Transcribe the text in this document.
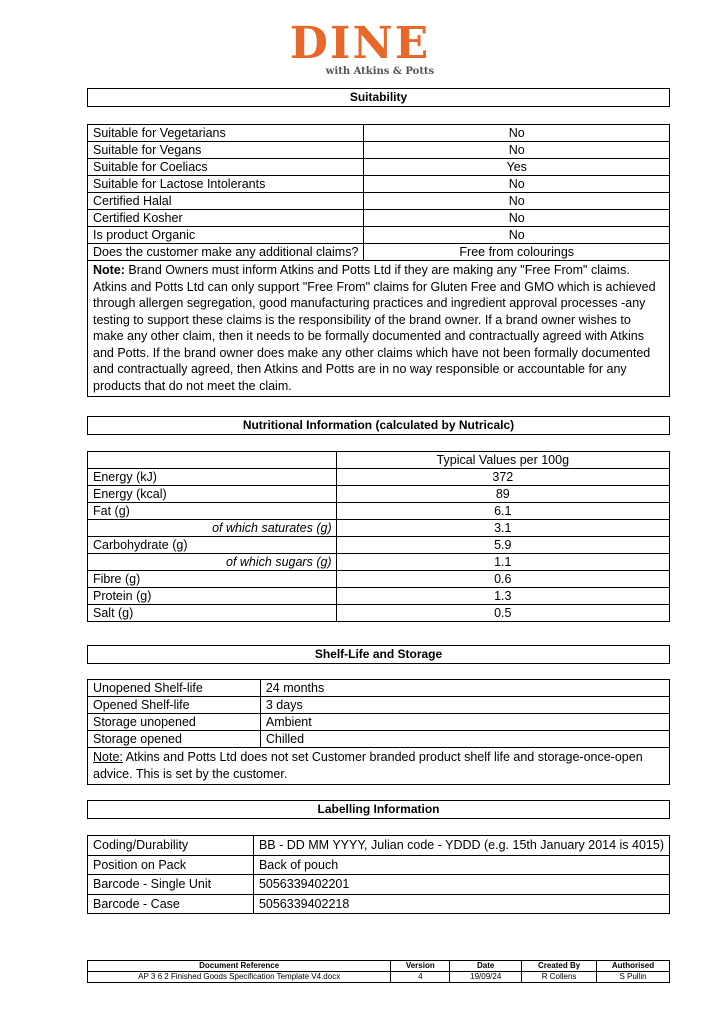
DINE
with Atkins & Potts
Suitability
Suitable for Vegetarians	No
Suitable for Vegans	No
Suitable for Coeliacs	Yes
Suitable for Lactose Intolerants	No
Certified Halal	No
Certified Kosher	No
Is product Organic	No
Does the customer make any additional claims?	Free from colourings
Note: Brand Owners must inform Atkins and Potts Ltd if they are making any "Free From" claims. Atkins and Potts Ltd can only support "Free From" claims for Gluten Free and GMO which is achieved through allergen segregation, good manufacturing practices and ingredient approval processes -any testing to support these claims is the responsibility of the brand owner. If a brand owner wishes to make any other claim, then it needs to be formally documented and contractually agreed with Atkins and Potts. If the brand owner does make any other claims which have not been formally documented and contractually agreed, then Atkins and Potts are in no way responsible or accountable for any products that do not meet the claim.	
Nutritional Information (calculated by Nutricalc)
	Typical Values per 100g
Energy (kJ)	372
Energy (kcal)	89
Fat (g)	6.1
of which saturates (g)	3.1
Carbohydrate (g)	5.9
of which sugars (g)	1.1
Fibre (g)	0.6
Protein (g)	1.3
Salt (g)	0.5
Shelf-Life and Storage
Unopened Shelf-life	24 months
Opened Shelf-life	3 days
Storage unopened	Ambient
Storage opened	Chilled
Note: Atkins and Potts Ltd does not set Customer branded product shelf life and storage-once-open advice. This is set by the customer.	
Labelling Information
Coding/Durability	BB - DD MM YYYY, Julian code - YDDD (e.g. 15th January 2014 is 4015)
Position on Pack	Back of pouch
Barcode - Single Unit	5056339402201
Barcode - Case	5056339402218
Document Reference	Version	Date	Created By	Authorised
AP 3 6 2 Finished Goods Specification Template V4.docx	4	19/09/24	R Collens	S Pullin
